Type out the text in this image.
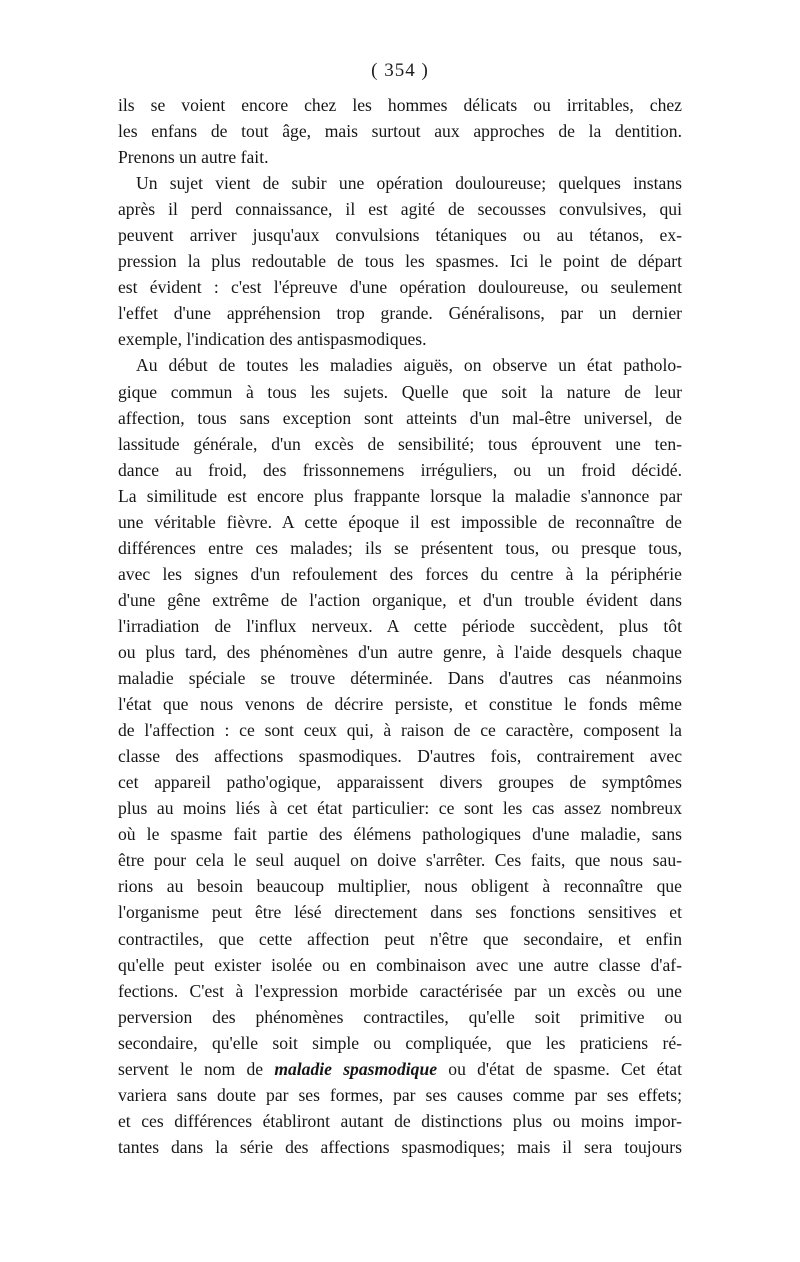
( 354 )
ils se voient encore chez les hommes délicats ou irritables, chez
les enfans de tout âge, mais surtout aux approches de la dentition.
Prenons un autre fait.
Un sujet vient de subir une opération douloureuse; quelques instans
après il perd connaissance, il est agité de secousses convulsives, qui
peuvent arriver jusqu'aux convulsions tétaniques ou au tétanos, ex-
pression la plus redoutable de tous les spasmes. Ici le point de départ
est évident : c'est l'épreuve d'une opération douloureuse, ou seulement
l'effet d'une appréhension trop grande. Généralisons, par un dernier
exemple, l'indication des antispasmodiques.
Au début de toutes les maladies aiguës, on observe un état patholo-
gique commun à tous les sujets. Quelle que soit la nature de leur
affection, tous sans exception sont atteints d'un mal-être universel, de
lassitude générale, d'un excès de sensibilité; tous éprouvent une ten-
dance au froid, des frissonnemens irréguliers, ou un froid décidé.
La similitude est encore plus frappante lorsque la maladie s'annonce par
une véritable fièvre. A cette époque il est impossible de reconnaître de
différences entre ces malades; ils se présentent tous, ou presque tous,
avec les signes d'un refoulement des forces du centre à la périphérie
d'une gêne extrême de l'action organique, et d'un trouble évident dans
l'irradiation de l'influx nerveux. A cette période succèdent, plus tôt
ou plus tard, des phénomènes d'un autre genre, à l'aide desquels chaque
maladie spéciale se trouve déterminée. Dans d'autres cas néanmoins
l'état que nous venons de décrire persiste, et constitue le fonds même
de l'affection : ce sont ceux qui, à raison de ce caractère, composent la
classe des affections spasmodiques. D'autres fois, contrairement avec
cet appareil patho'ogique, apparaissent divers groupes de symptômes
plus au moins liés à cet état particulier: ce sont les cas assez nombreux
où le spasme fait partie des élémens pathologiques d'une maladie, sans
être pour cela le seul auquel on doive s'arrêter. Ces faits, que nous sau-
rions au besoin beaucoup multiplier, nous obligent à reconnaître que
l'organisme peut être lésé directement dans ses fonctions sensitives et
contractiles, que cette affection peut n'être que secondaire, et enfin
qu'elle peut exister isolée ou en combinaison avec une autre classe d'af-
fections. C'est à l'expression morbide caractérisée par un excès ou une
perversion des phénomènes contractiles, qu'elle soit primitive ou
secondaire, qu'elle soit simple ou compliquée, que les praticiens ré-
servent le nom de maladie spasmodique ou d'état de spasme. Cet état
variera sans doute par ses formes, par ses causes comme par ses effets;
et ces différences établiront autant de distinctions plus ou moins impor-
tantes dans la série des affections spasmodiques; mais il sera toujours
